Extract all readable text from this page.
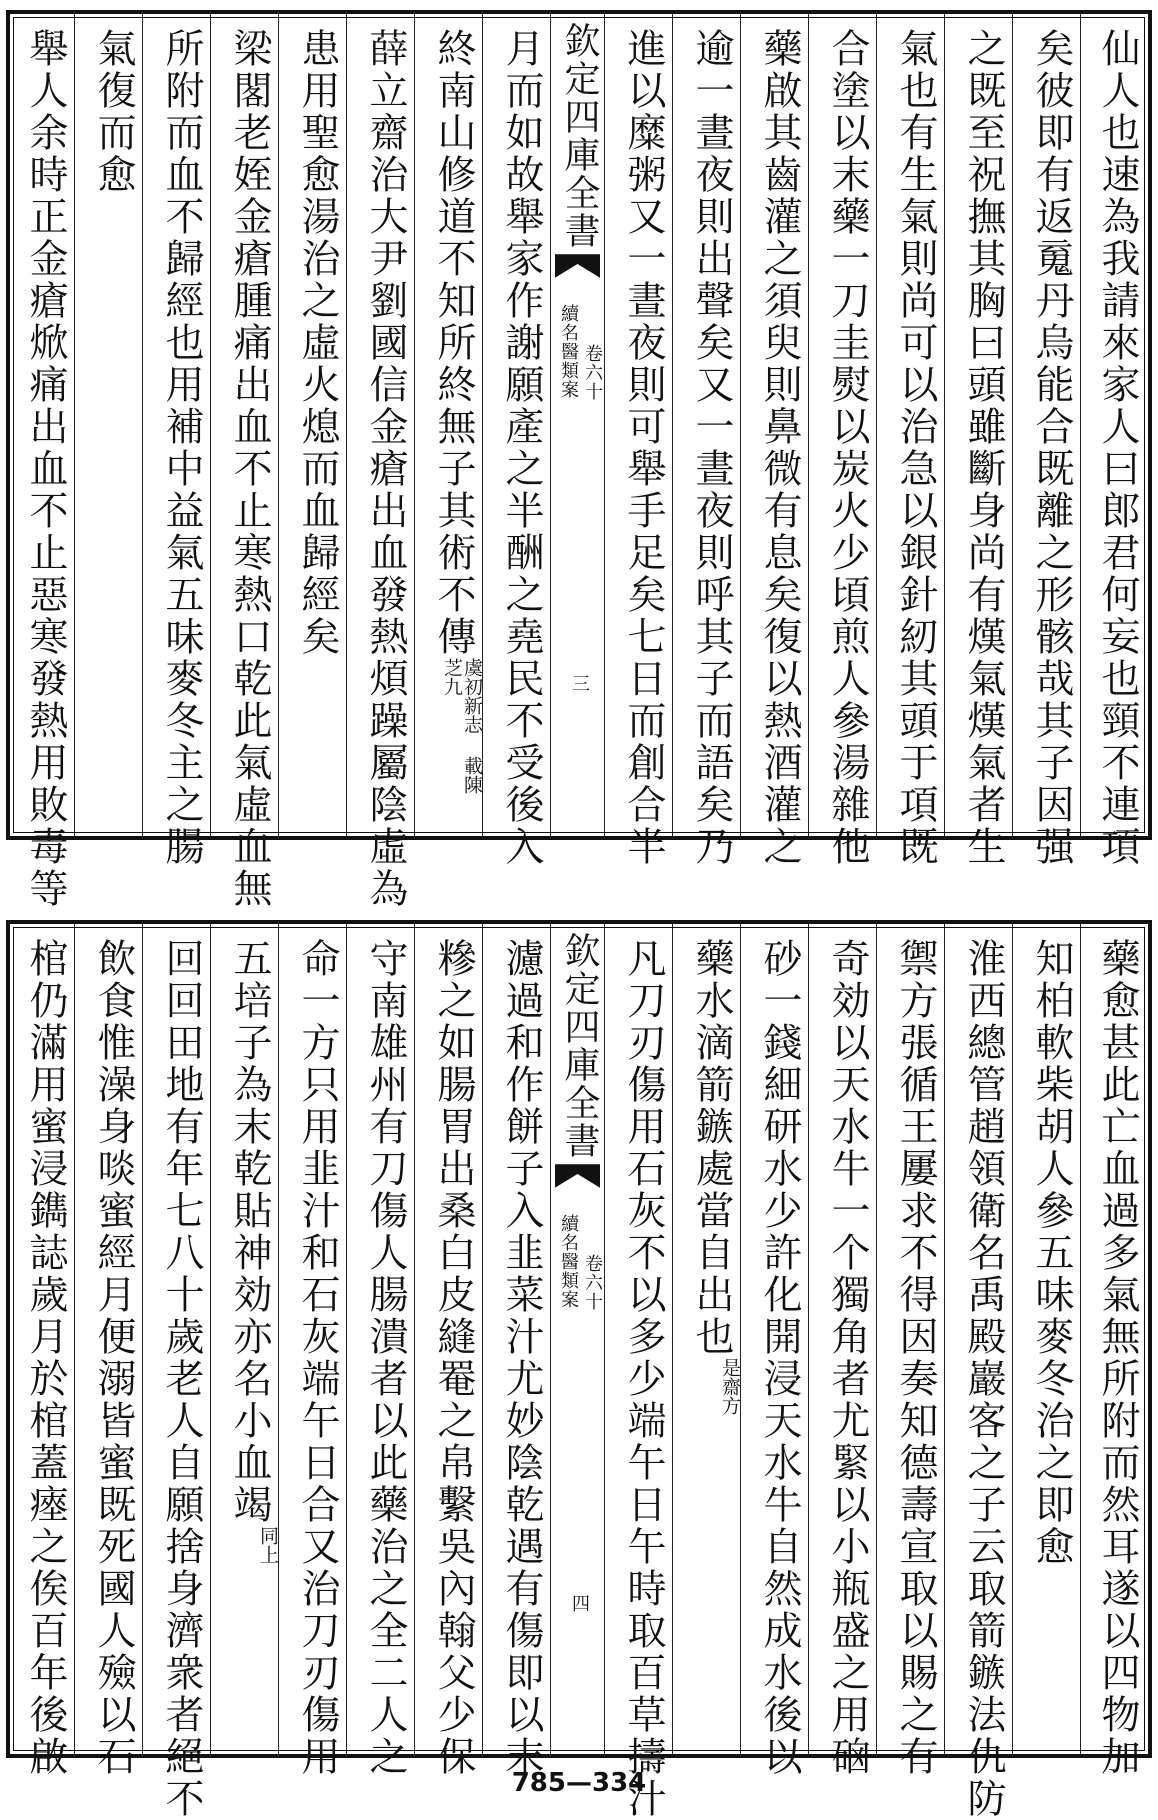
仙人也速為我請來家人曰郎君何妄也頸不連項
矣彼即有返䰟丹烏能合既離之形骸哉其子因强
之既至祝撫其胸曰頭雖斷身尚有熯氣熯氣者生
氣也有生氣則尚可以治急以銀針紉其頭于項既
合塗以末藥一刀圭熨以炭火少頃煎人參湯雜他
藥啟其齒灌之須臾則鼻微有息矣復以熱酒灌之
逾一晝夜則出聲矣又一晝夜則呼其子而語矣乃
進以糜粥又一晝夜則可舉手足矣七日而創合半
欽定四庫全書
續名醫類案 卷六十
三
月而如故舉家作謝願產之半酬之堯民不受後入
終南山修道不知所終無子其術不傳虞初新志 載陳芝九
薛立齋治大尹劉國信金瘡出血發熱煩躁屬陰虛為
患用聖愈湯治之虛火熄而血歸經矣
梁閣老姪金瘡腫痛出血不止寒熱口乾此氣虛血無
所附而血不歸經也用補中益氣五味麥冬主之腸
氣復而愈
舉人余時正金瘡焮痛出血不止惡寒發熱用敗毒等
藥愈甚此亡血過多氣無所附而然耳遂以四物加
知柏軟柴胡人參五味麥冬治之即愈
淮西總管趙領衛名禹殿巖客之子云取箭鏃法仇防
禦方張循王屢求不得因奏知德壽宣取以賜之有
奇効以天水牛一个獨角者尤緊以小瓶盛之用硇
砂一錢細研水少許化開浸天水牛自然成水後以
藥水滴箭鏃處當自出也是齋方
凡刀刃傷用石灰不以多少端午日午時取百草擣汁
欽定四庫全書
續名醫類案 卷六十
四
濾過和作餅子入韭菜汁尤妙陰乾遇有傷即以末
糝之如腸胃出桑白皮縫罨之帛繫吳內翰父少保
守南雄州有刀傷人腸潰者以此藥治之全二人之
命一方只用韭汁和石灰端午日合又治刀刃傷用
五培子為末乾貼神効亦名小血竭同上
回回田地有年七八十歲老人自願捨身濟衆者絕不
飲食惟澡身啖蜜經月便溺皆蜜既死國人殮以石
棺仍滿用蜜浸鐫誌歲月於棺蓋瘞之俟百年後啟
785—334
